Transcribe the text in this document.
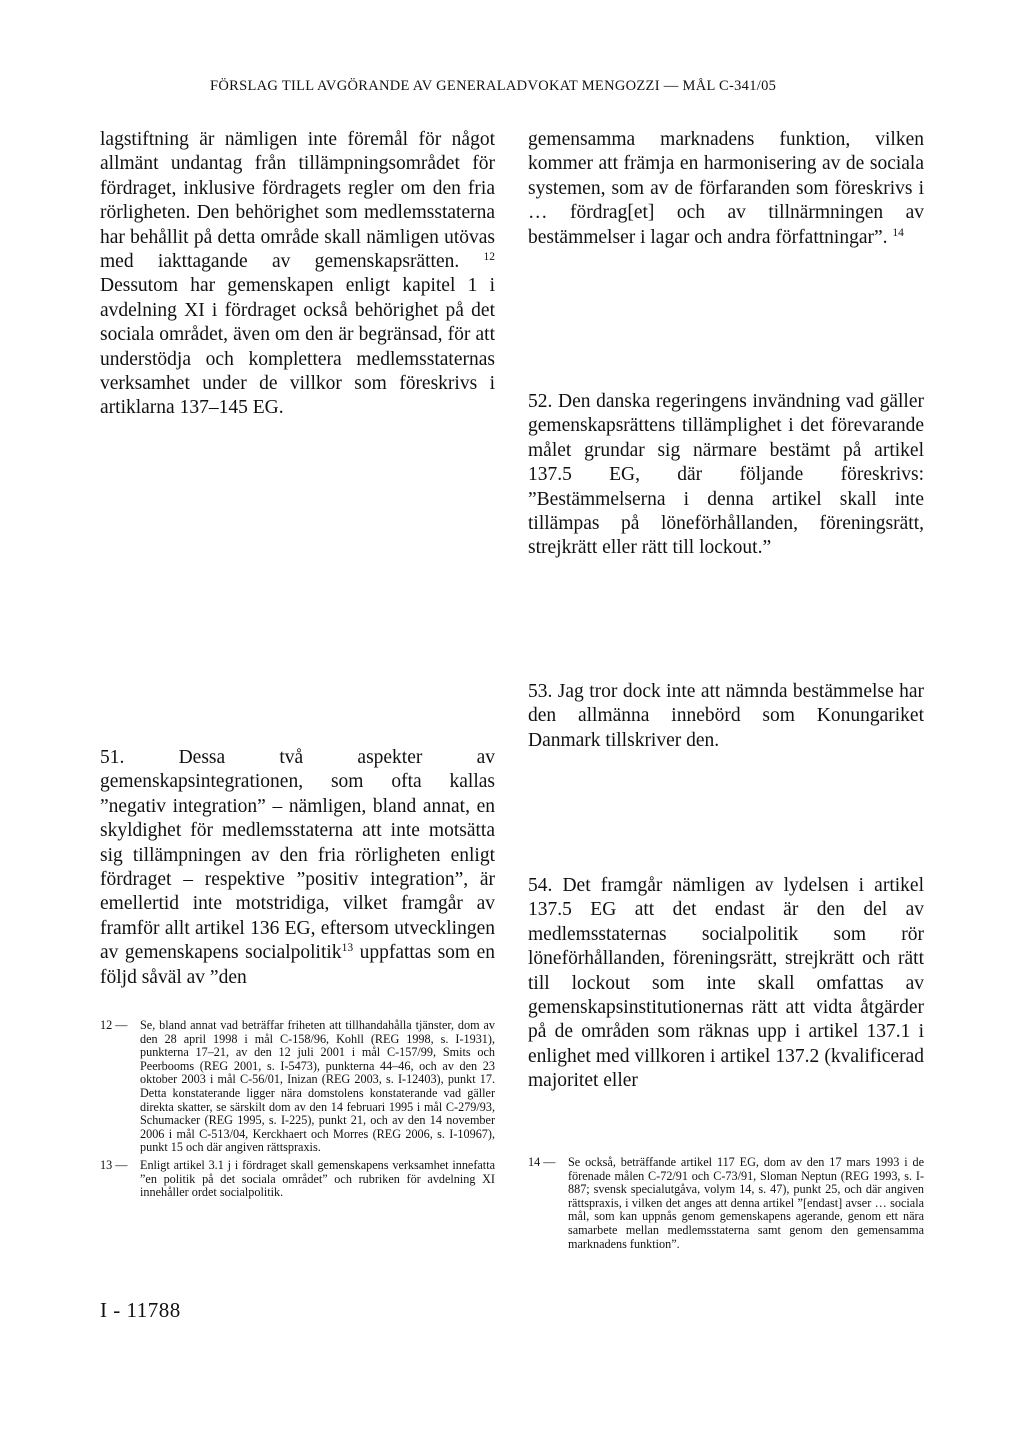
FÖRSLAG TILL AVGÖRANDE AV GENERALADVOKAT MENGOZZI — MÅL C-341/05

lagstiftning är nämligen inte föremål för något allmänt undantag från tillämpningsområdet för fördraget, inklusive fördragets regler om den fria rörligheten. Den behörighet som medlemsstaterna har behållit på detta område skall nämligen utövas med iakttagande av gemenskapsrätten. $^{12}$ Dessutom har gemenskapen enligt kapitel 1 i avdelning XI i fördraget också behörighet på det sociala området, även om den är begränsad, för att understödja och komplettera medlemsstaternas verksamhet under de villkor som föreskrivs i artiklarna 137–145 EG.

51. Dessa två aspekter av gemenskapsintegrationen, som ofta kallas ”negativ integration” – nämligen, bland annat, en skyldighet för medlemsstaterna att inte motsätta sig tillämpningen av den fria rörligheten enligt fördraget – respektive ”positiv integration”, är emellertid inte motstridiga, vilket framgår av framför allt artikel 136 EG, eftersom utvecklingen av gemenskapens socialpolitik$^{13}$ uppfattas som en följd såväl av ”den

12 — Se, bland annat vad beträffar friheten att tillhandahålla tjänster, dom av den 28 april 1998 i mål C-158/96, Kohll (REG 1998, s. I-1931), punkterna 17–21, av den 12 juli 2001 i mål C-157/99, Smits och Peerbooms (REG 2001, s. I-5473), punkterna 44–46, och av den 23 oktober 2003 i mål C-56/01, Inizan (REG 2003, s. I-12403), punkt 17. Detta konstaterande ligger nära domstolens konstaterande vad gäller direkta skatter, se särskilt dom av den 14 februari 1995 i mål C-279/93, Schumacker (REG 1995, s. I-225), punkt 21, och av den 14 november 2006 i mål C-513/04, Kerckhaert och Morres (REG 2006, s. I-10967), punkt 15 och där angiven rättspraxis.
13 — Enligt artikel 3.1 j i fördraget skall gemenskapens verksamhet innefatta ”en politik på det sociala området” och rubriken för avdelning XI innehåller ordet socialpolitik.

gemensamma marknadens funktion, vilken kommer att främja en harmonisering av de sociala systemen, som av de förfaranden som föreskrivs i … fördrag[et] och av tillnärmningen av bestämmelser i lagar och andra författningar”. $^{14}$

52. Den danska regeringens invändning vad gäller gemenskapsrättens tillämplighet i det förevarande målet grundar sig närmare bestämt på artikel 137.5 EG, där följande föreskrivs: ”Bestämmelserna i denna artikel skall inte tillämpas på löneförhållanden, föreningsrätt, strejkrätt eller rätt till lockout.”

53. Jag tror dock inte att nämnda bestämmelse har den allmänna innebörd som Konungariket Danmark tillskriver den.

54. Det framgår nämligen av lydelsen i artikel 137.5 EG att det endast är den del av medlemsstaternas socialpolitik som rör löneförhållanden, föreningsrätt, strejkrätt och rätt till lockout som inte skall omfattas av gemenskapsinstitutionernas rätt att vidta åtgärder på de områden som räknas upp i artikel 137.1 i enlighet med villkoren i artikel 137.2 (kvalificerad majoritet eller

14 — Se också, beträffande artikel 117 EG, dom av den 17 mars 1993 i de förenade målen C-72/91 och C-73/91, Sloman Neptun (REG 1993, s. I-887; svensk specialutgåva, volym 14, s. 47), punkt 25, och där angiven rättspraxis, i vilken det anges att denna artikel ”[endast] avser … sociala mål, som kan uppnås genom gemenskapens agerande, genom ett nära samarbete mellan medlemsstaterna samt genom den gemensamma marknadens funktion”.
I - 11788
